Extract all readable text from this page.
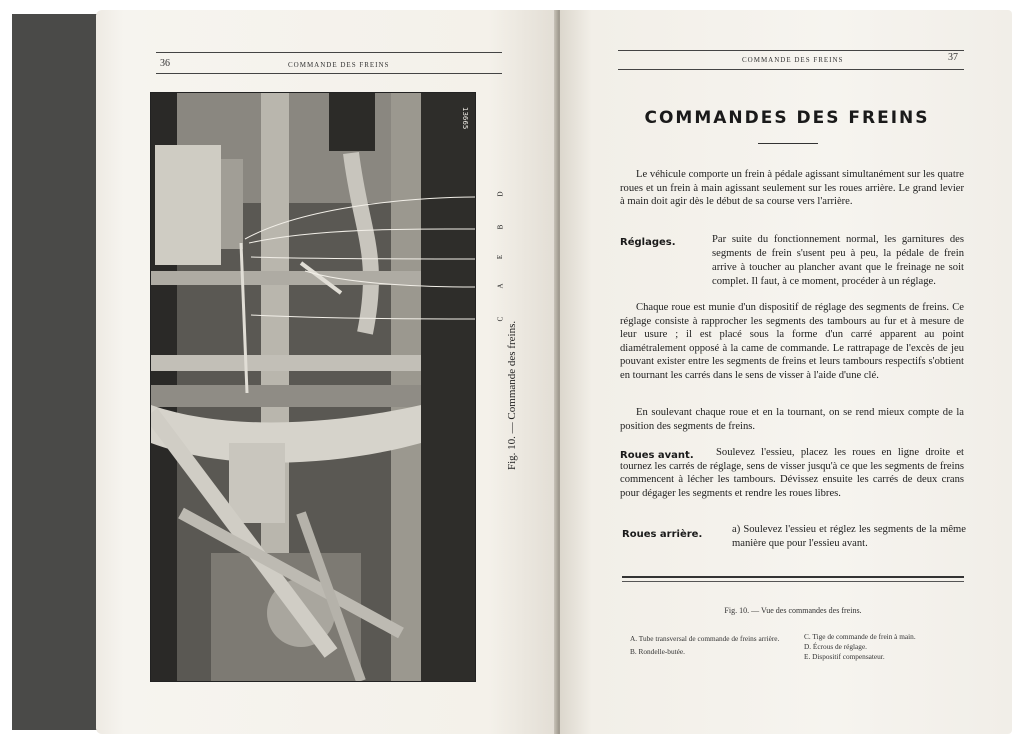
36	COMMANDE DES FREINS
13665
D
B
E
A
C
Fig. 10. — Commande des freins.
COMMANDE DES FREINS	37
COMMANDES DES FREINS
Le véhicule comporte un frein à pédale agissant simultanément sur les quatre roues et un frein à main agissant seulement sur les roues arrière. Le grand levier à main doit agir dès le début de sa course vers l'arrière.
Réglages.	Par suite du fonctionnement normal, les garnitures des segments de frein s'usent peu à peu, la pédale de frein
arrive à toucher au plancher avant que le freinage ne soit complet. Il faut, à ce moment, procéder à un réglage.
Chaque roue est munie d'un dispositif de réglage des segments de freins. Ce réglage consiste à rapprocher les segments des tambours au fur et à mesure de leur usure ; il est placé sous la forme d'un carré apparent au point diamétralement opposé à la came de commande. Le rattrapage de l'excès de jeu pouvant exister entre les segments de freins et leurs tambours respectifs s'obtient en tournant les carrés dans le sens de visser à l'aide d'une clé.
En soulevant chaque roue et en la tournant, on se rend mieux compte de la position des segments de freins.
Roues avant.	Soulevez l'essieu, placez les roues en ligne droite et tournez les carrés de réglage, sens de visser jusqu'à ce que les segments de freins commencent à lécher les tambours. Dévissez ensuite les carrés de deux crans pour dégager les segments et rendre les roues libres.
Roues arrière.	a) Soulevez l'essieu et réglez les segments de la même manière que pour l'essieu avant.
Fig. 10. — Vue des commandes des freins.
A. Tube transversal de commande de freins arrière.
B. Rondelle-butée.
C. Tige de commande de frein à main.
D. Écrous de réglage.
E. Dispositif compensateur.
